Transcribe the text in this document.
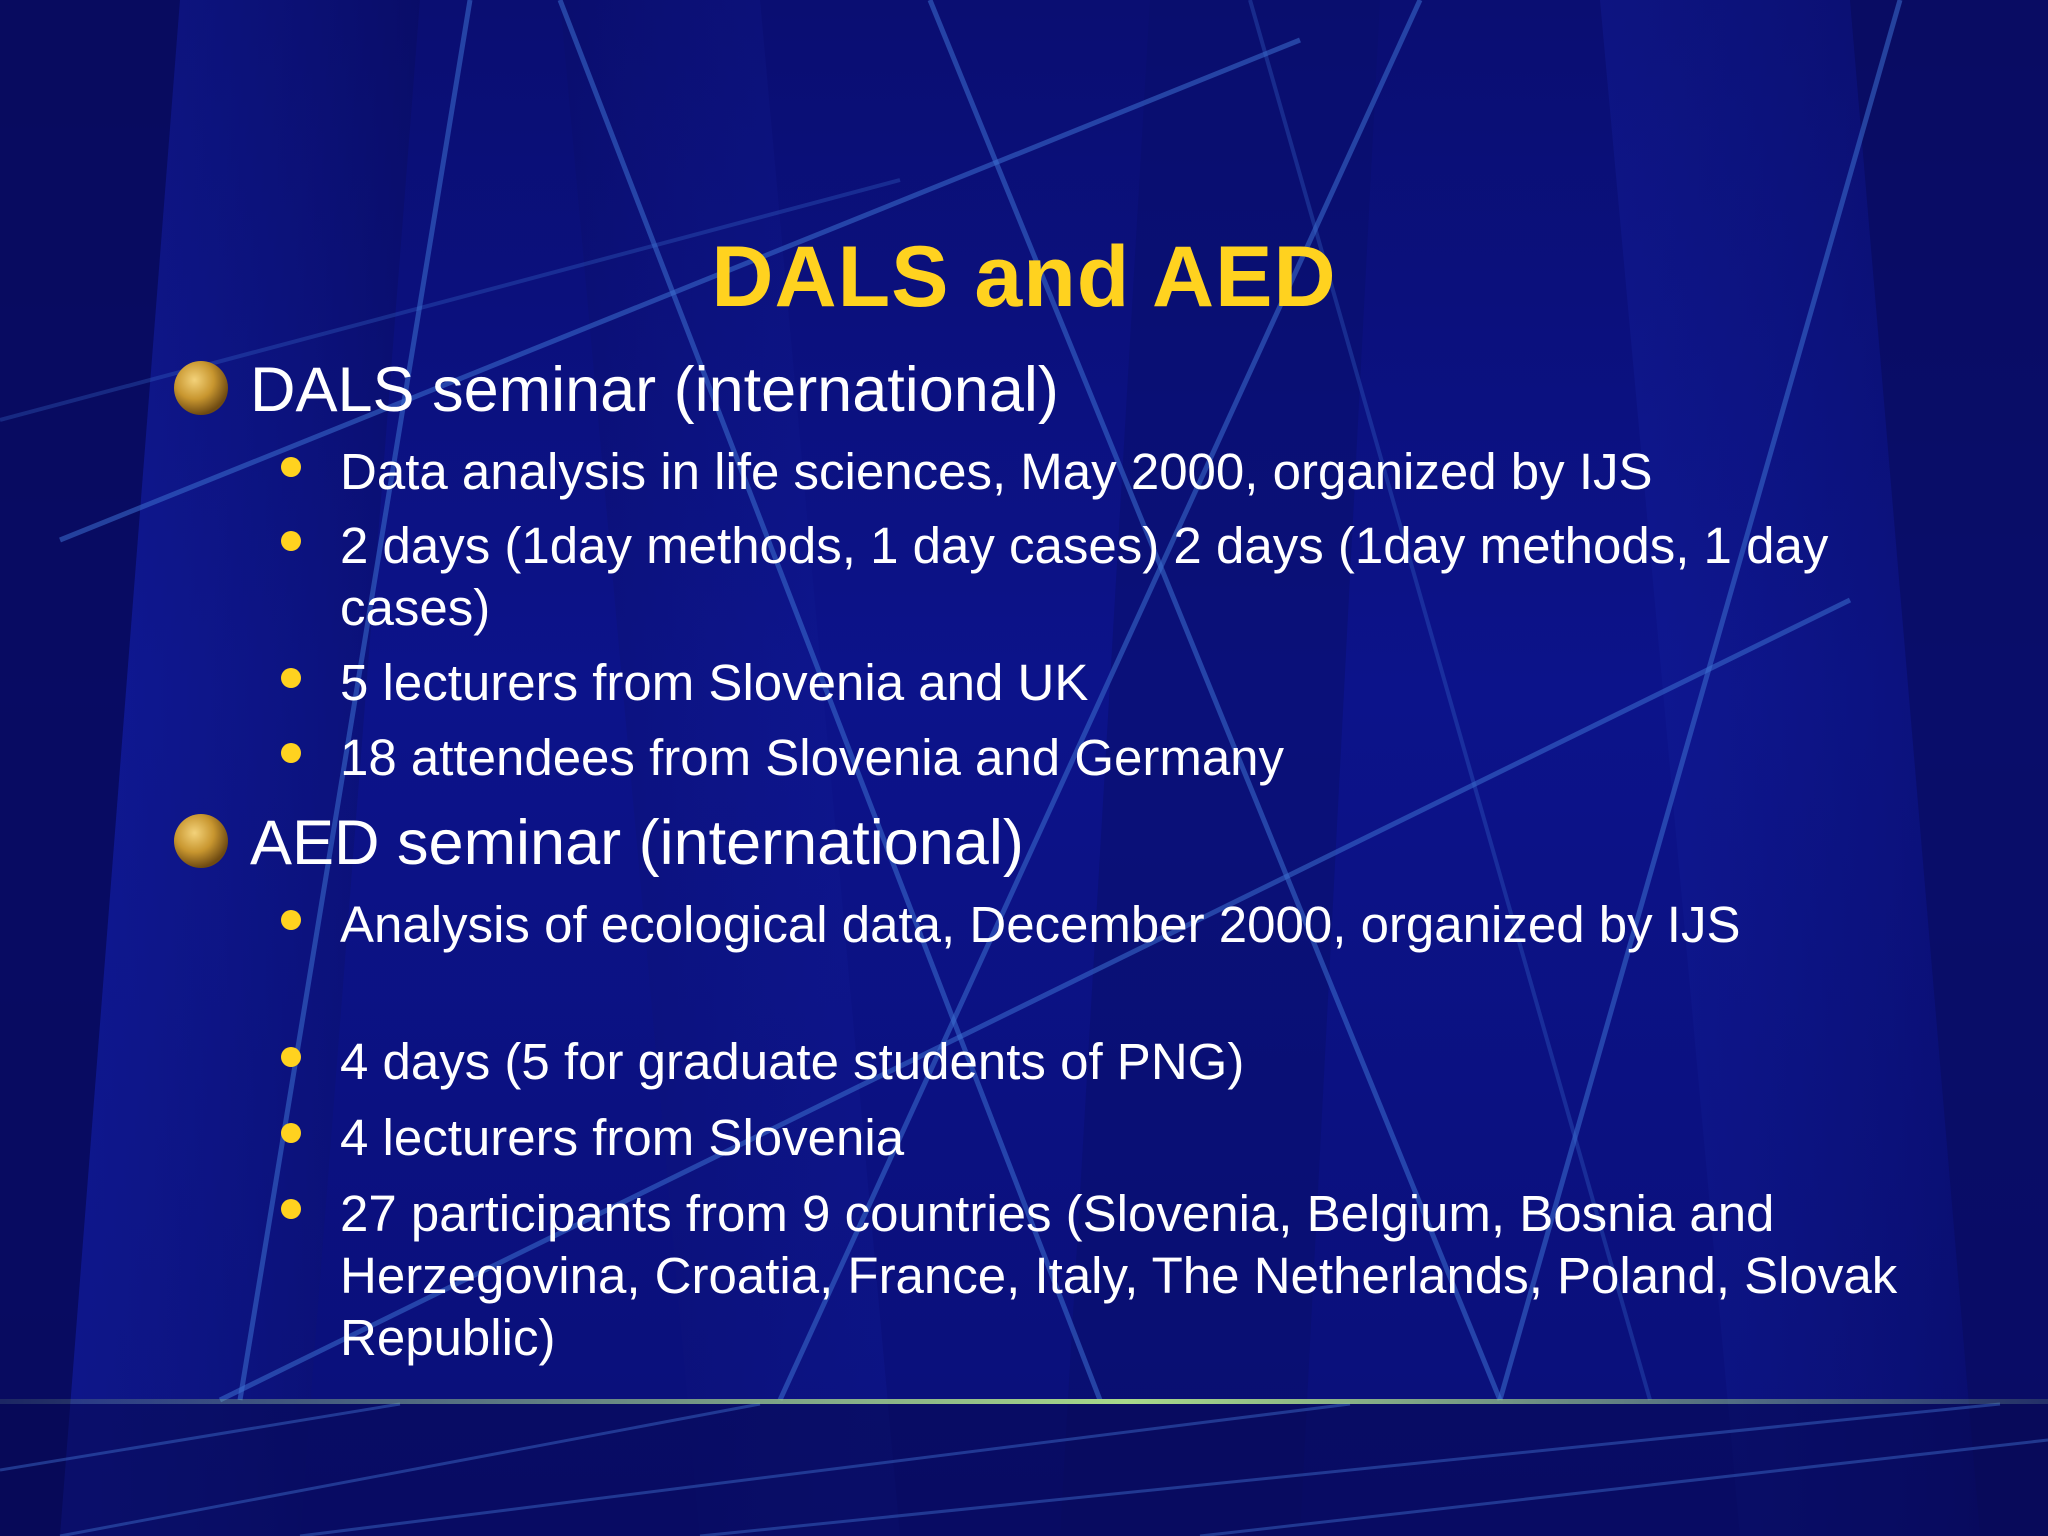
DALS and AED
DALS seminar (international)
Data analysis in life sciences, May 2000, organized by IJS
2 days (1day methods, 1 day cases) 2 days (1day methods, 1 day cases)
5 lecturers from Slovenia and UK
18 attendees from Slovenia and Germany
AED seminar (international)
Analysis of ecological data, December 2000, organized by IJS
4 days (5 for graduate students of PNG)
4 lecturers from Slovenia
27 participants from 9 countries (Slovenia, Belgium, Bosnia and Herzegovina, Croatia, France, Italy, The Netherlands, Poland, Slovak Republic)
